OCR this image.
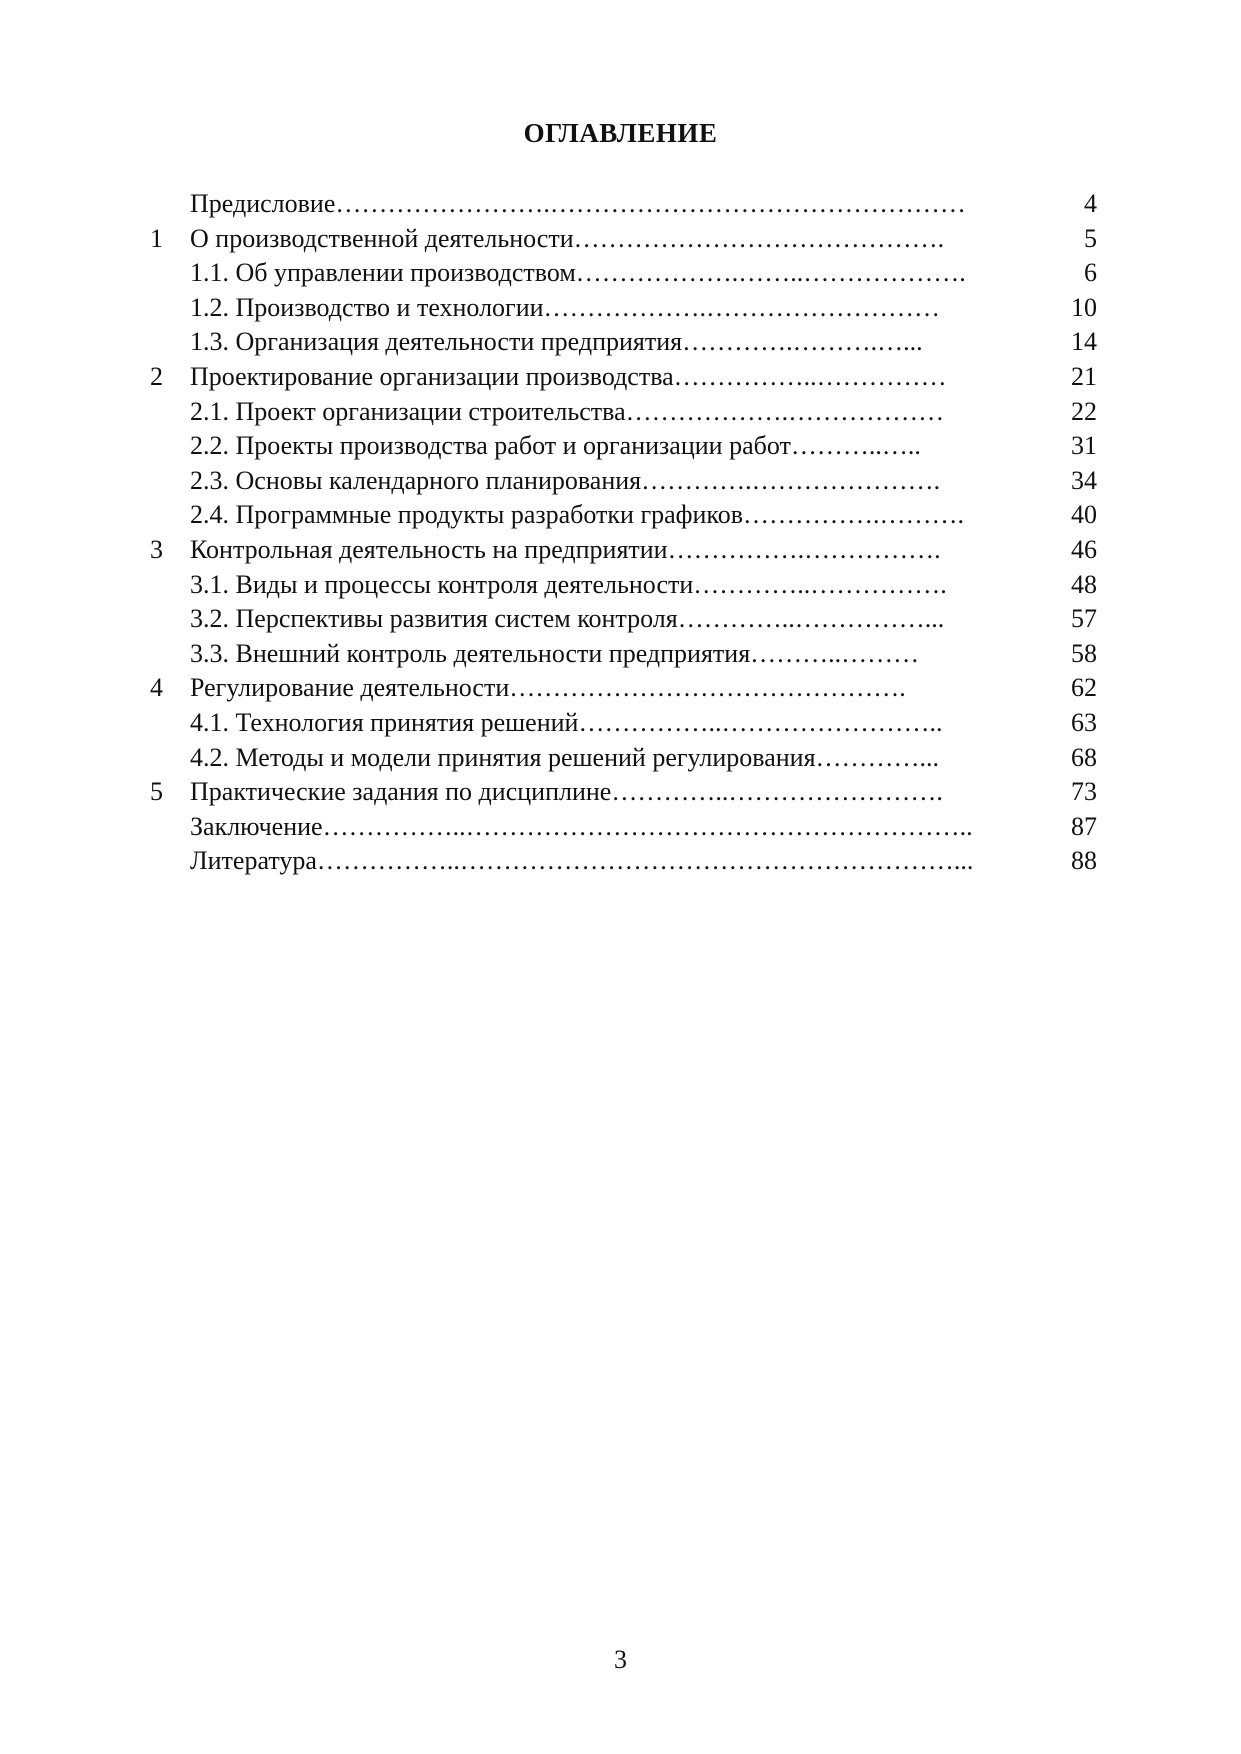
ОГЛАВЛЕНИЕ
Предисловие…………………….…………………………………………	4
1	О производственной деятельности…………………………………….	5
1.1. Об управлении производством……………….……..……………….	6
1.2. Производство и технологии……………….………………………	10
1.3. Организация деятельности предприятия………….……….…...	14
2	Проектирование организации производства……………..……………	21
2.1. Проект организации строительства……………….………………	22
2.2. Проекты производства работ и организации работ………..…..	31
2.3. Основы календарного планирования………….………………….	34
2.4. Программные продукты разработки графиков…………….……….	40
3	Контрольная деятельность на предприятии…………….…………….	46
3.1. Виды и процессы контроля деятельности…………..…………….	48
3.2. Перспективы развития систем контроля…………..……………...	57
3.3. Внешний контроль деятельности предприятия………..………	58
4	Регулирование деятельности……………………………………….	62
4.1. Технология принятия решений……………..……………………..	63
4.2. Методы и модели принятия решений регулирования…………...	68
5	Практические задания по дисциплине…………..…………………….	73
Заключение……………..…………………………………………………..	87
Литература……………..…………………………………………………...	88
3
